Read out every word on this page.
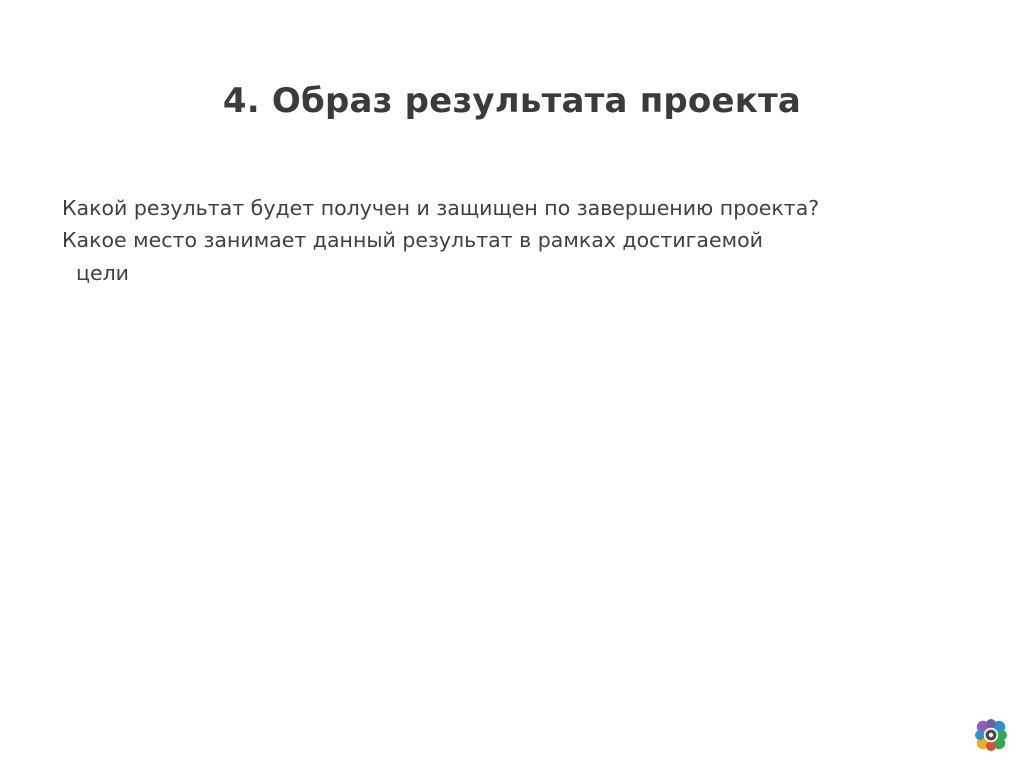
4. Образ результата проекта
Какой результат будет получен и защищен по завершению проекта?
Какое место занимает данный результат в рамках достигаемой
цели
